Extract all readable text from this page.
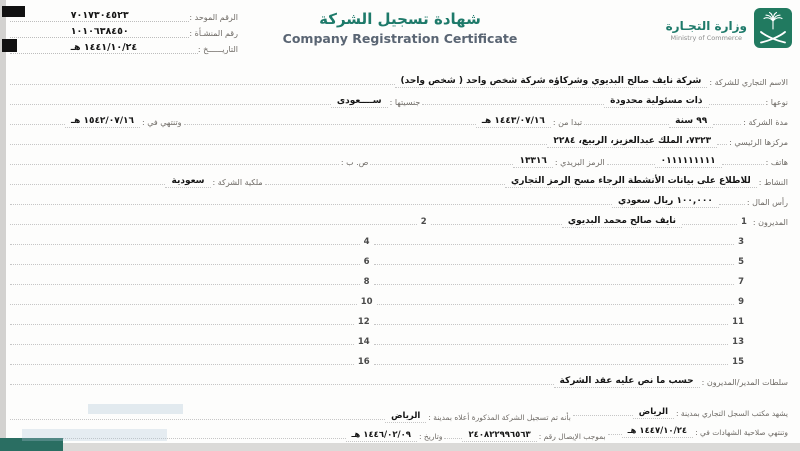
الرقم الموحد :
٧٠١٧٣٠٤٥٢٣
رقم المنشـأة :
١٠١٠٦٣٨٤٥٠
التاريــــــخ :
١٤٤١/١٠/٢٤ هـ
شهادة تسجيل الشركة
Company Registration Certificate
وزارة التجـارة
Ministry of Commerce
الاسم التجاري للشركة :
شركة نايف صالح البديوي وشركاؤه شركة شخص واحد ( شخص واحد)
نوعها :
ذات مسئولية محدودة
جنسيتها :
ســــعودى
مدة الشركة :
٩٩ سنة
تبدا من :
١٤٤٣/٠٧/١٦ هـ
وتنتهي في :
١٥٤٢/٠٧/١٦ هـ
مركزها الرئيسي :
٧٣٢٣، الملك عبدالعزيز، الربيع، ٢٢٨٤
هاتف :
٠١١١١١١١١١
الرمز البريدي :
١٣٣١٦
ص. ب :
النشاط :
للاطلاع على بيانات الأنشطة الرجاء مسح الرمز التجاري
ملكية الشركة :
سعودية
رأس المال :
١٠٠,٠٠٠ ريال سعودي
المديرون :
1
نايف صالح محمد البديوي
2
3
4
5
6
7
8
9
10
11
12
13
14
15
16
سلطات المدير/المديرون :
حسب ما نص عليه عقد الشركة
يشهد مكتب السجل التجاري بمدينة :
الرياض
بأنه تم تسجيل الشركة المذكورة أعلاه بمدينة :
الرياض
وتنتهي صلاحية الشهادات في :
١٤٤٧/١٠/٢٤ هـ
بموجب الإيصال رقم :
٢٤٠٨٢٢٩٩٦٥٦٣
وتاريخ :
١٤٤٦/٠٢/٠٩ هـ
